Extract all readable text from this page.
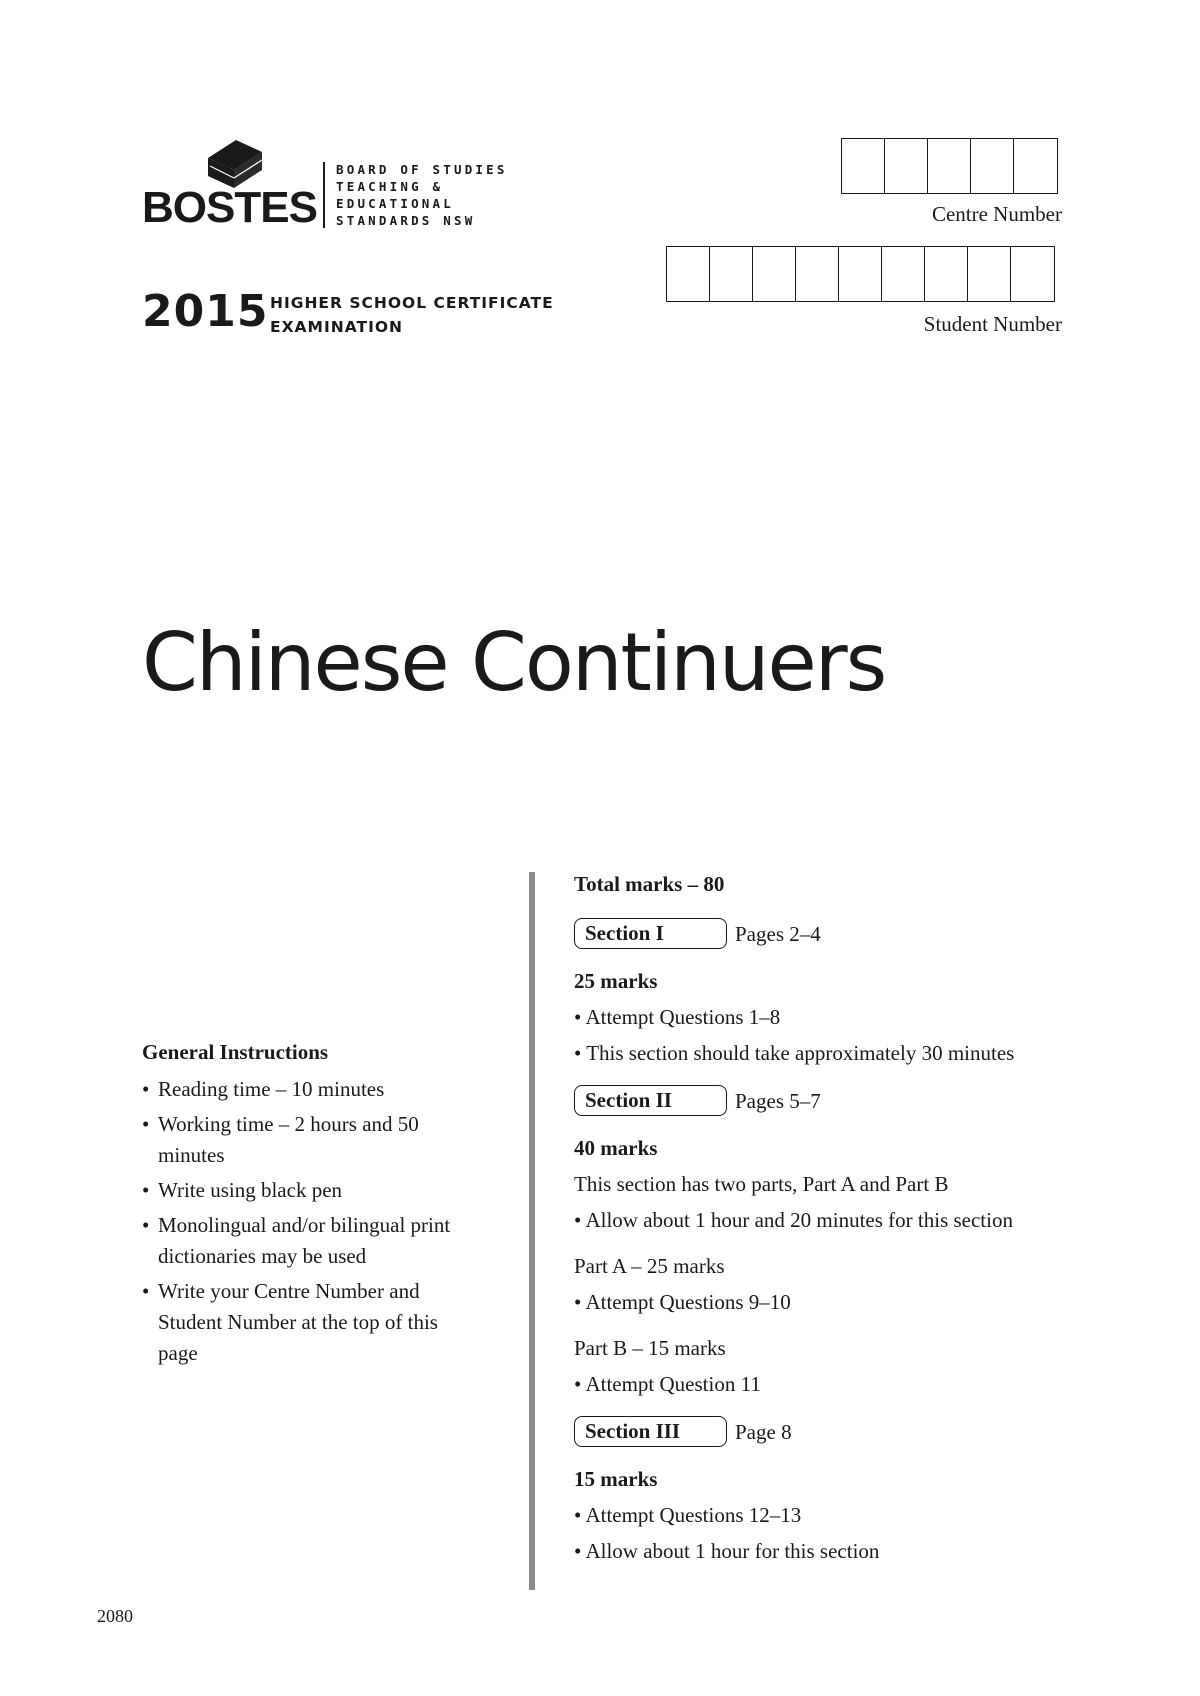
BOSTES
BOARD OF STUDIES
TEACHING &
EDUCATIONAL
STANDARDS NSW
2015 HIGHER SCHOOL CERTIFICATE
EXAMINATION
Centre Number
Student Number
Chinese Continuers
General Instructions
• Reading time – 10 minutes
• Working time – 2 hours and 50 minutes
• Write using black pen
• Monolingual and/or bilingual print dictionaries may be used
• Write your Centre Number and Student Number at the top of this page
Total marks – 80
Section I	Pages 2–4
25 marks
• Attempt Questions 1–8
• This section should take approximately 30 minutes
Section II	Pages 5–7
40 marks
This section has two parts, Part A and Part B
• Allow about 1 hour and 20 minutes for this section
Part A – 25 marks
• Attempt Questions 9–10
Part B – 15 marks
• Attempt Question 11
Section III	Page 8
15 marks
• Attempt Questions 12–13
• Allow about 1 hour for this section
2080
